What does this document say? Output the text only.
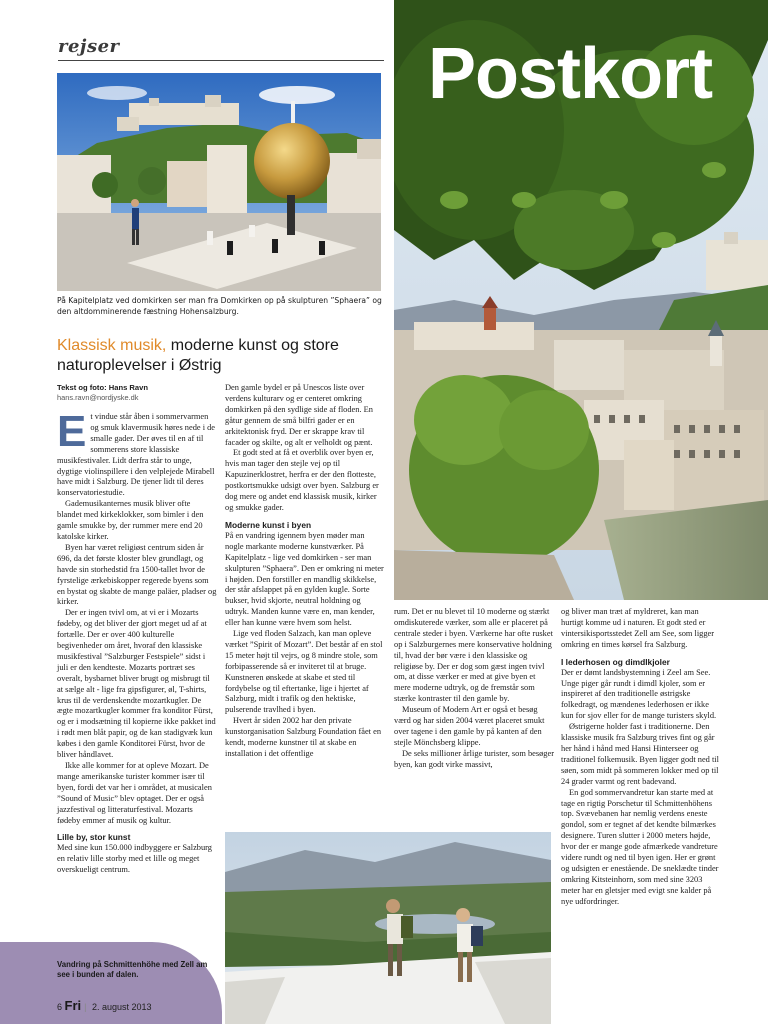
rejser
På Kapitelplatz ved domkirken ser man fra Domkirken op på skulpturen ”Sphaera” og den altdomminerende fæstning Hohensalzburg.
Klassisk musik, moderne kunst og store naturoplevelser i Østrig
Postkort
Tekst og foto: Hans Ravn
hans.ravn@nordjyske.dk
E t vindue står åben i sommervarmen og smuk klavermusik høres nede i de smalle gader. Der øves til en af til sommerens store klassiske musikfestivaler. Lidt derfra står to unge, dygtige violinspillere i den velplejede Mirabell have midt i Salzburg. De tjener lidt til deres konservatoriestudie.

Gademusikanternes musik bliver ofte blandet med kirkeklokker, som bimler i den gamle smukke by, der rummer mere end 20 katolske kirker.

Byen har været religiøst centrum siden år 696, da det første kloster blev grundlagt, og havde sin storhedstid fra 1500-tallet hvor de fyrstelige ærkebiskopper regerede byens som en bystat og skabte de mange paläer, pladser og kirker.

Der er ingen tvivl om, at vi er i Mozarts fødeby, og det bliver der gjort meget ud af at fortælle. Der er over 400 kulturelle begivenheder om året, hvoraf den klassiske musikfestival ”Salzburger Festspiele” sidst i juli er den kendteste. Mozarts portræt ses overalt, bysbarnet bliver brugt og misbrugt til at sælge alt - lige fra gipsfigurer, øl, T-shirts, krus til de verdenskendte mozartkugler. De ægte mozartkugler kommer fra konditor Fürst, og er i modsætning til kopierne ikke pakket ind i rødt men blåt papir, og de kan stadigvæk kun købes i den gamle Konditorei Fürst, hvor de bliver håndlavet.

Ikke alle kommer for at opleve Mozart. De mange amerikanske turister kommer især til byen, fordi det var her i området, at musicalen ”Sound of Music” blev optaget. Der er også jazzfestival og litteraturfestival. Mozarts fødeby emmer af musik og kultur.

Lille by, stor kunst

Med sine kun 150.000 indbyggere er Salzburg en relativ lille storby med et lille og meget overskueligt centrum.

Den gamle bydel er på Unescos liste over verdens kulturarv og er centeret omkring domkirken på den sydlige side af floden. En gåtur gennem de små bilfri gader er en arkitektonisk fryd. Der er skrappe krav til facader og skilte, og alt er velholdt og pænt.

Et godt sted at få et overblik over byen er, hvis man tager den stejle vej op til Kapuzinerklostret, herfra er der den flotteste, postkortsmukke udsigt over byen. Salzburg er dog mere og andet end klassisk musik, kirker og smukke gader.

Moderne kunst i byen

På en vandring igennem byen møder man nogle markante moderne kunstværker. På Kapitelplatz - lige ved domkirken - ser man skulpturen ”Sphaera”. Den er omkring ni meter i højden. Den forstiller en mandlig skikkelse, der står afslappet på en gylden kugle. Sorte bukser, hvid skjorte, neutral holdning og udtryk. Manden kunne være en, man kender, eller han kunne være hvem som helst.

Lige ved floden Salzach, kan man opleve værket ”Spirit of Mozart”. Det består af en stol 15 meter højt til vejrs, og 8 mindre stole, som forbipasserende så er inviteret til at bruge. Kunstneren ønskede at skabe et sted til fordybelse og til eftertanke, lige i hjertet af Salzburg, midt i trafik og den hektiske, pulserende travlhed i byen.

Hvert år siden 2002 har den private kunstorganisation Salzburg Foundation fået en kendt, moderne kunstner til at skabe en installation i det offentlige

rum. Det er nu blevet til 10 moderne og stærkt omdiskuterede værker, som alle er placeret på centrale steder i byen. Værkerne har ofte rusket op i Salzburgernes mere konservative holdning til, hvad der bør være i den klassiske og religiøse by. Der er dog som gæst ingen tvivl om, at disse værker er med at give byen et mere moderne udtryk, og de fremstår som stærke kontraster til den gamle by.

Museum of Modern Art er også et besøg værd og har siden 2004 været placeret smukt over tagene i den gamle by på kanten af den stejle Mönchsberg klippe.

De seks millioner årlige turister, som besøger byen, kan godt virke massivt,

og bliver man træt af myldreret, kan man hurtigt komme ud i naturen. Et godt sted er vintersikisportsstedet Zell am See, som ligger omkring en times kørsel fra Salzburg.

I lederhosen og dimdlkjoler

Der er dømt landsbystemning i Zeel am See. Unge piger går rundt i dimdl kjoler, som er inspireret af den traditionelle østrigske folkedragt, og mændenes lederhosen er ikke kun for sjov eller for de mange turisters skyld.

Østrigerne holder fast i traditionerne. Den klassiske musik fra Salzburg trives fint og går her hånd i hånd med Hansi Hinterseer og traditionel folkemusik. Byen ligger godt ned til søen, som midt på sommeren lokker med op til 24 grader varmt og rent badevand.

En god sommervandretur kan starte med at tage en rigtig Porschetur til Schmittenhöhens top. Svævebanen har nemlig verdens eneste gondol, som er tegnet af det kendte bilmærkes designere. Turen slutter i 2000 meters højde, hvor der er mange gode afmærkede vandreture videre rundt og ned til byen igen. Her er grønt og udsigten er enestående. De sneklædte tinder omkring Kitsteinhorn, som med sine 3203 meter har en gletsjer med evigt sne kalder på nye udfordringer.

Vandring på Schmittenhöhe med Zell am see i bunden af dalen.
6 Fri | 2. august 2013
